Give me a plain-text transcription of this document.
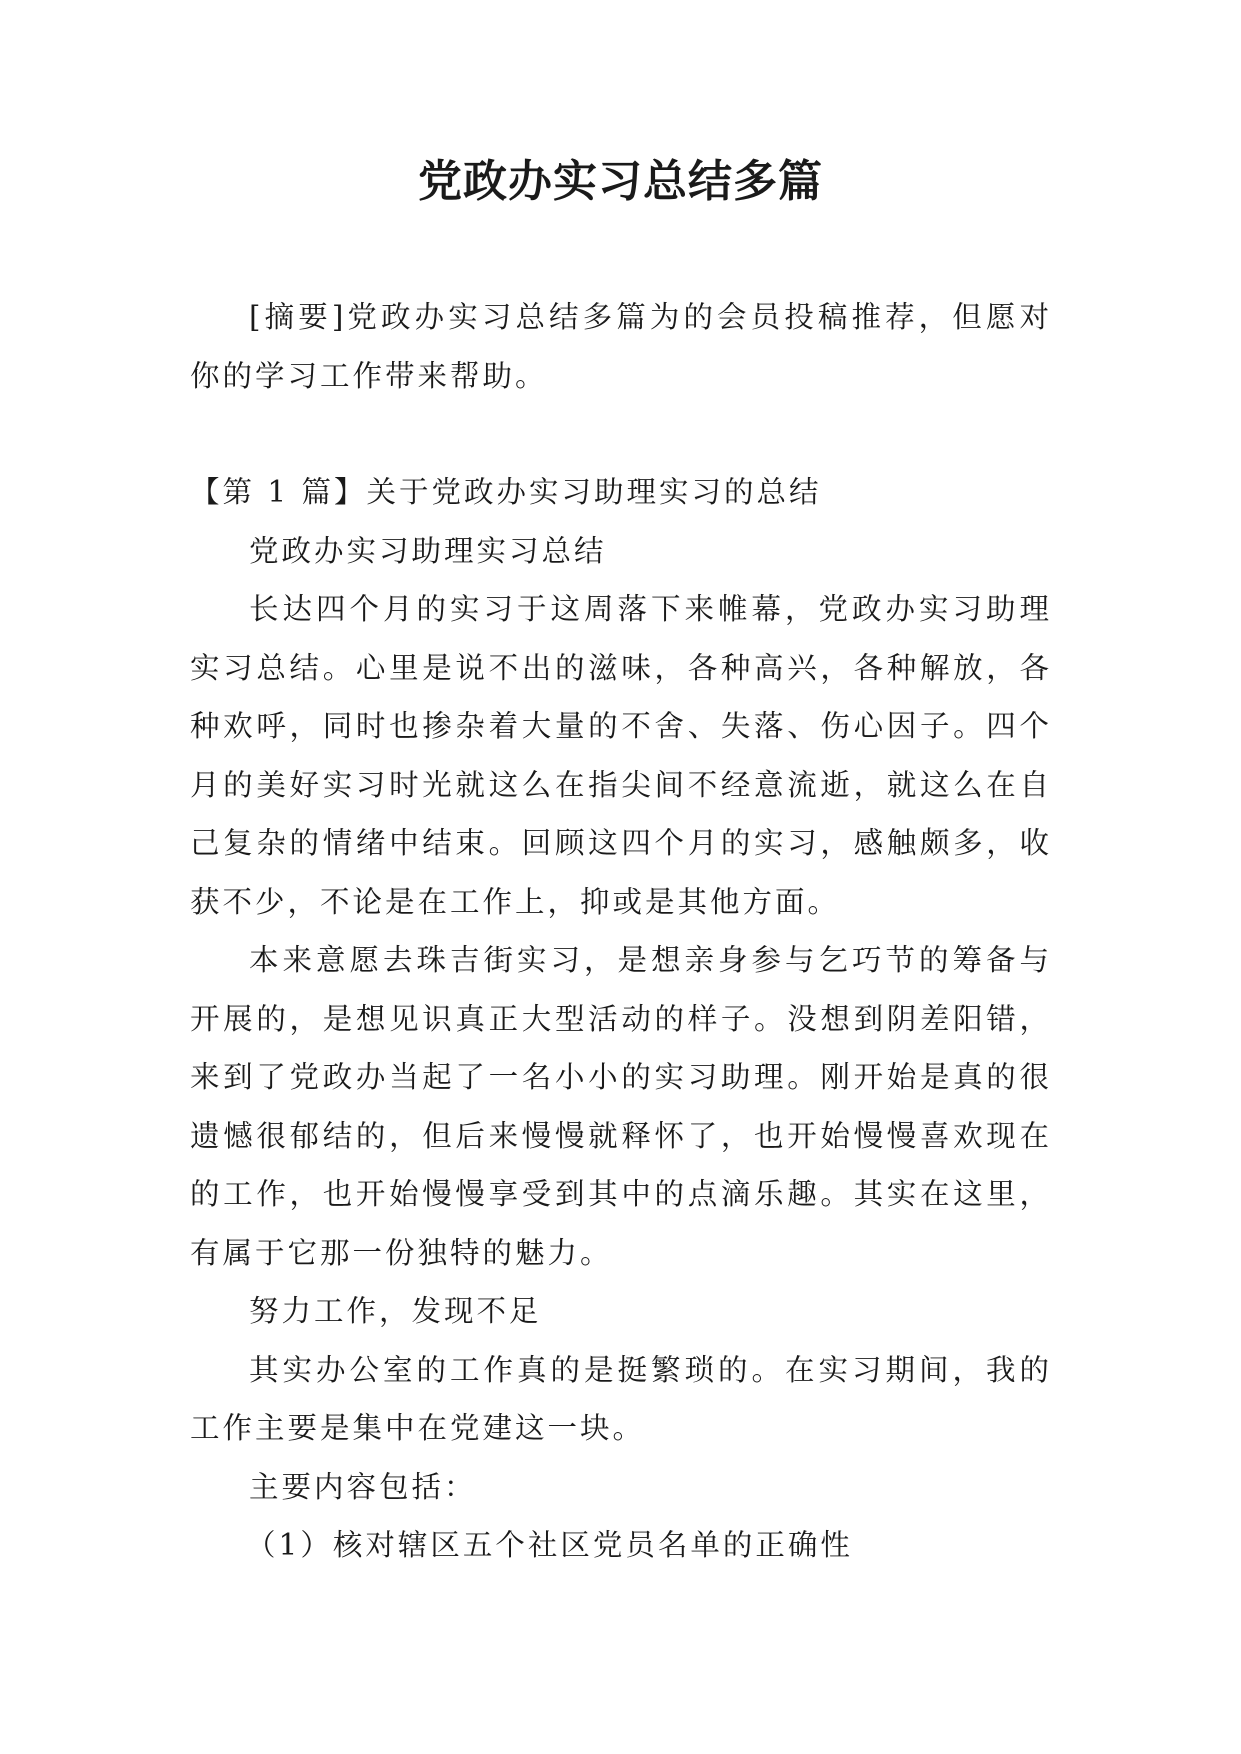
党政办实习总结多篇

[摘要]党政办实习总结多篇为的会员投稿推荐，但愿对你的学习工作带来帮助。

【第 1 篇】关于党政办实习助理实习的总结

党政办实习助理实习总结

长达四个月的实习于这周落下来帷幕，党政办实习助理实习总结。心里是说不出的滋味，各种高兴，各种解放，各种欢呼，同时也掺杂着大量的不舍、失落、伤心因子。四个月的美好实习时光就这么在指尖间不经意流逝，就这么在自己复杂的情绪中结束。回顾这四个月的实习，感触颇多，收获不少，不论是在工作上，抑或是其他方面。

本来意愿去珠吉街实习，是想亲身参与乞巧节的筹备与开展的，是想见识真正大型活动的样子。没想到阴差阳错，来到了党政办当起了一名小小的实习助理。刚开始是真的很遗憾很郁结的，但后来慢慢就释怀了，也开始慢慢喜欢现在的工作，也开始慢慢享受到其中的点滴乐趣。其实在这里，有属于它那一份独特的魅力。

努力工作，发现不足

其实办公室的工作真的是挺繁琐的。在实习期间，我的工作主要是集中在党建这一块。

主要内容包括：

（1）核对辖区五个社区党员名单的正确性
